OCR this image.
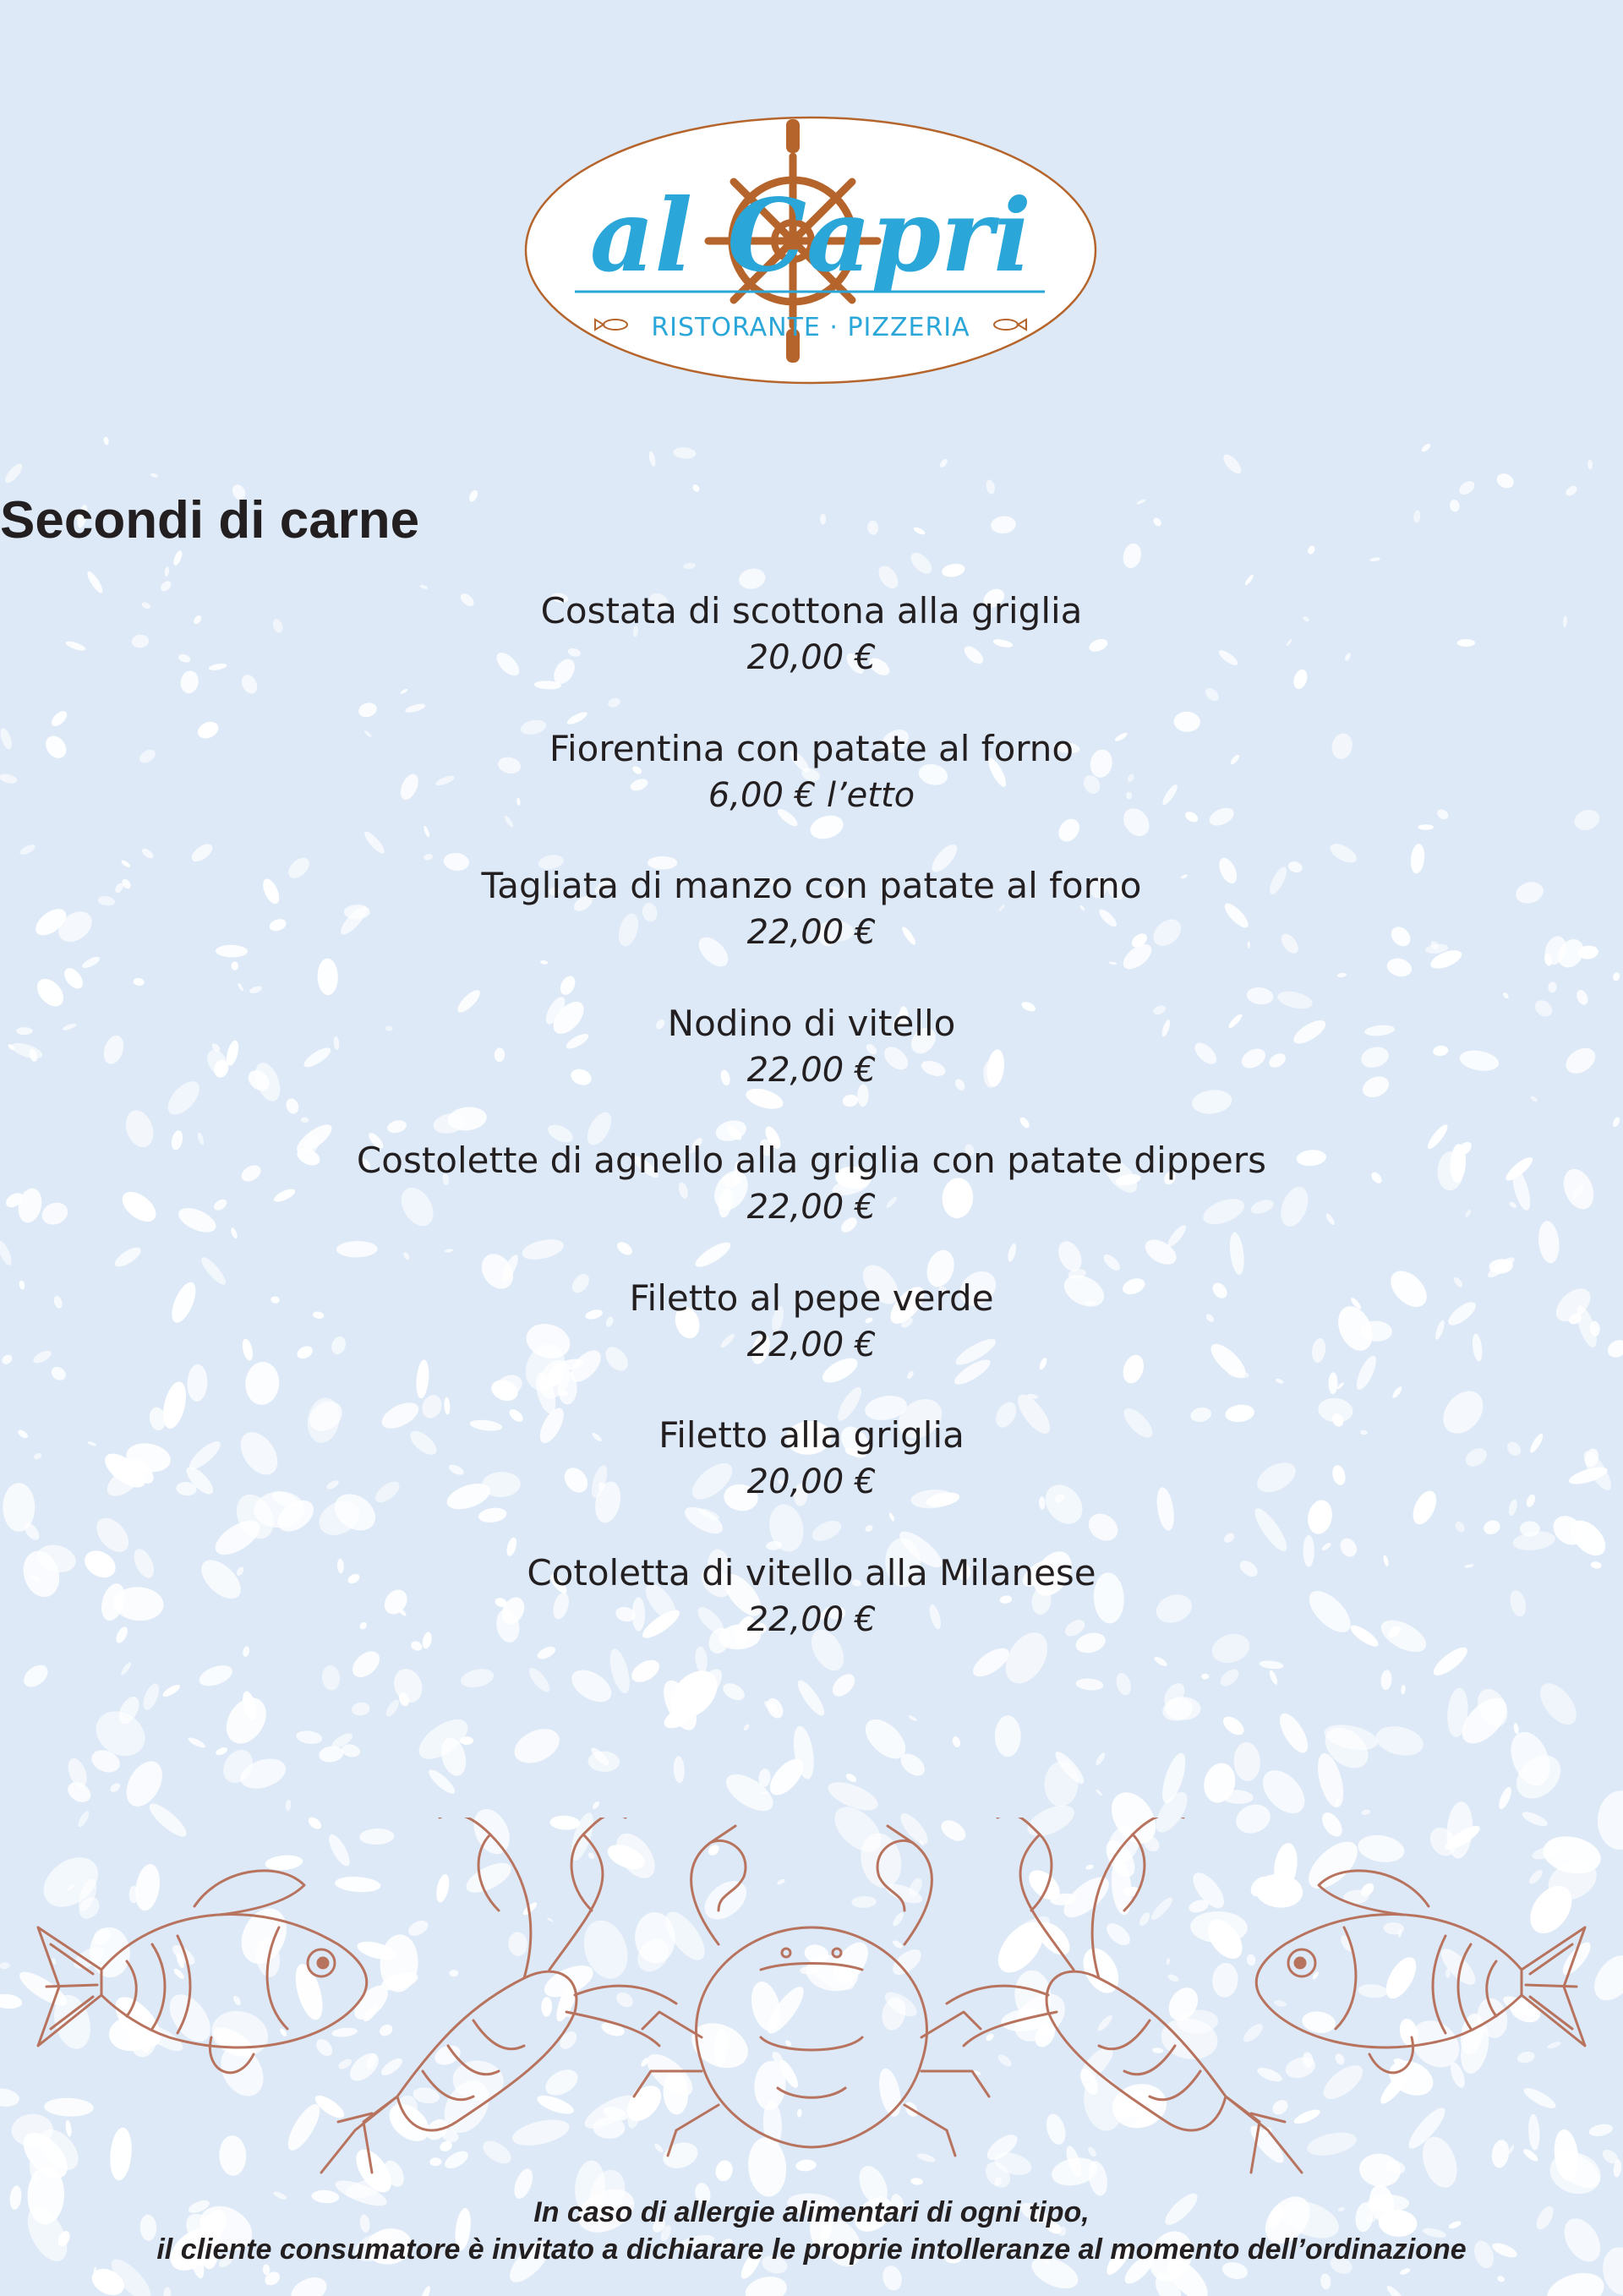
al Capri
RISTORANTE · PIZZERIA
Secondi di carne
Costata di scottona alla griglia
20,00 €
Fiorentina con patate al forno
6,00 € l’etto
Tagliata di manzo con patate al forno
22,00 €
Nodino di vitello
22,00 €
Costolette di agnello alla griglia con patate dippers
22,00 €
Filetto al pepe verde
22,00 €
Filetto alla griglia
20,00 €
Cotoletta di vitello alla Milanese
22,00 €
In caso di allergie alimentari di ogni tipo,
il cliente consumatore è invitato a dichiarare le proprie intolleranze al momento dell’ordinazione
